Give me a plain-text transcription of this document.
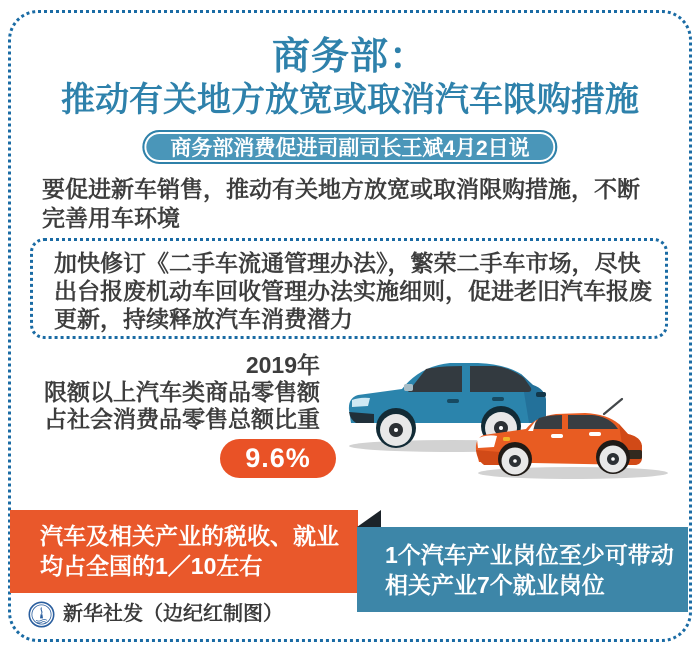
商务部：
推动有关地方放宽或取消汽车限购措施
商务部消费促进司副司长王斌4月2日说
要促进新车销售，推动有关地方放宽或取消限购措施，不断
完善用车环境
加快修订《二手车流通管理办法》，繁荣二手车市场，尽快
出台报废机动车回收管理办法实施细则，促进老旧汽车报废
更新，持续释放汽车消费潜力
2019年
限额以上汽车类商品零售额
占社会消费品零售总额比重
9.6%
汽车及相关产业的税收、就业
均占全国的1／10左右	1个汽车产业岗位至少可带动
相关产业7个就业岗位
新华社发（边纪红制图）
